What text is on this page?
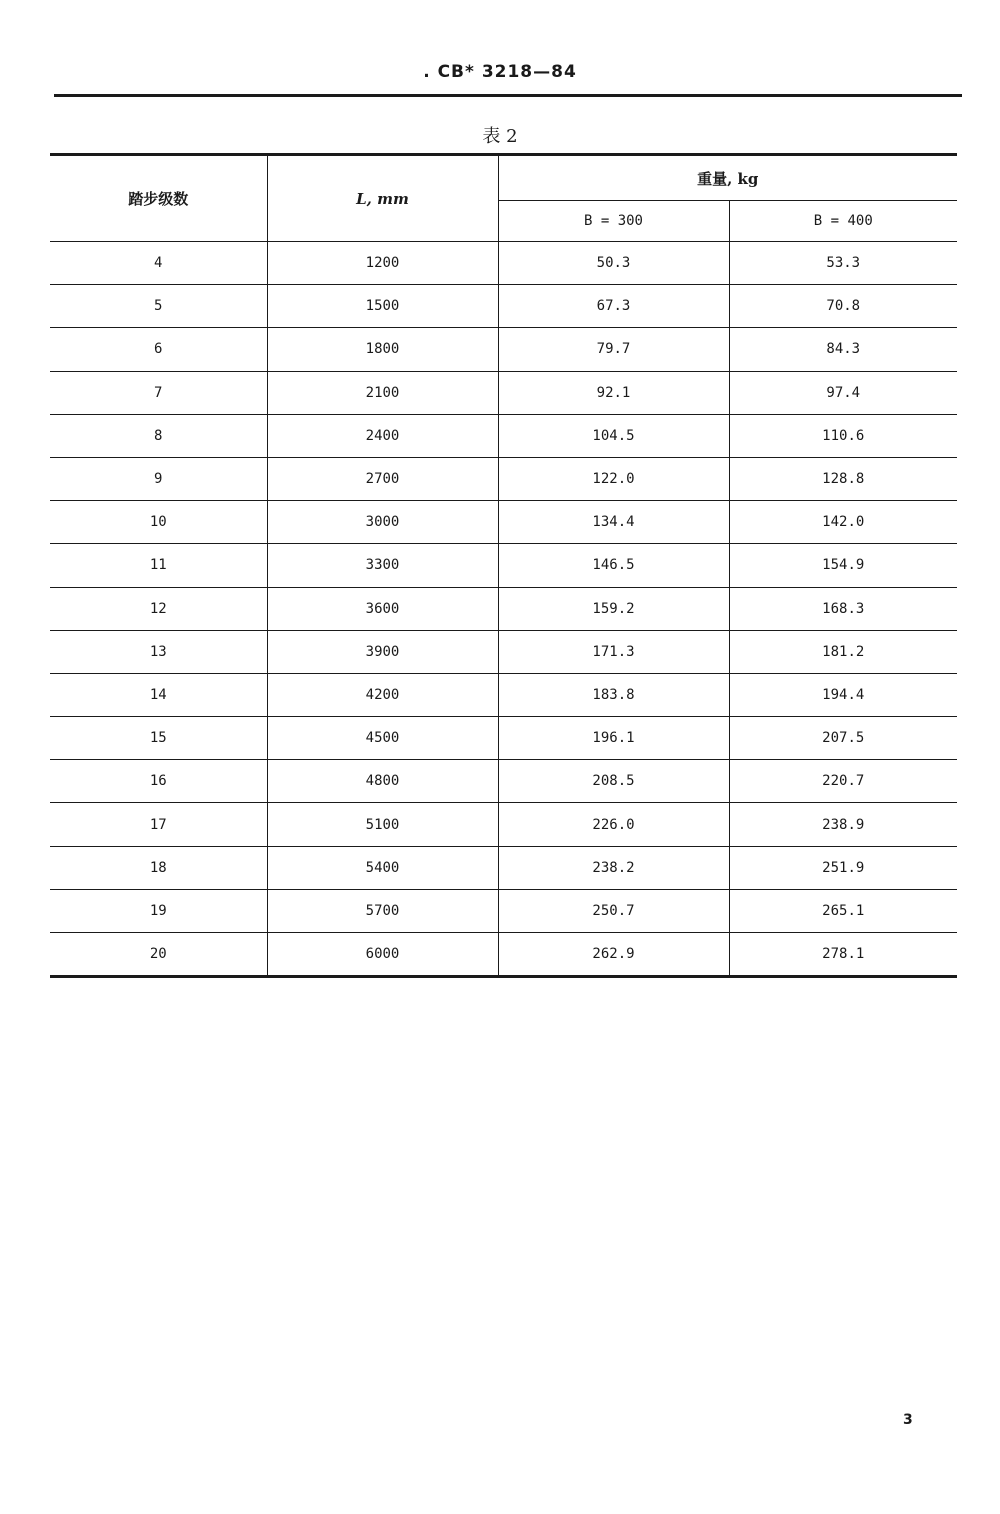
. CB* 3218—84
表 2
踏步级数	L, mm	重量, kg	
		B = 300	B = 400
4	1200	50.3	53.3
5	1500	67.3	70.8
6	1800	79.7	84.3
7	2100	92.1	97.4
8	2400	104.5	110.6
9	2700	122.0	128.8
10	3000	134.4	142.0
11	3300	146.5	154.9
12	3600	159.2	168.3
13	3900	171.3	181.2
14	4200	183.8	194.4
15	4500	196.1	207.5
16	4800	208.5	220.7
17	5100	226.0	238.9
18	5400	238.2	251.9
19	5700	250.7	265.1
20	6000	262.9	278.1
3
